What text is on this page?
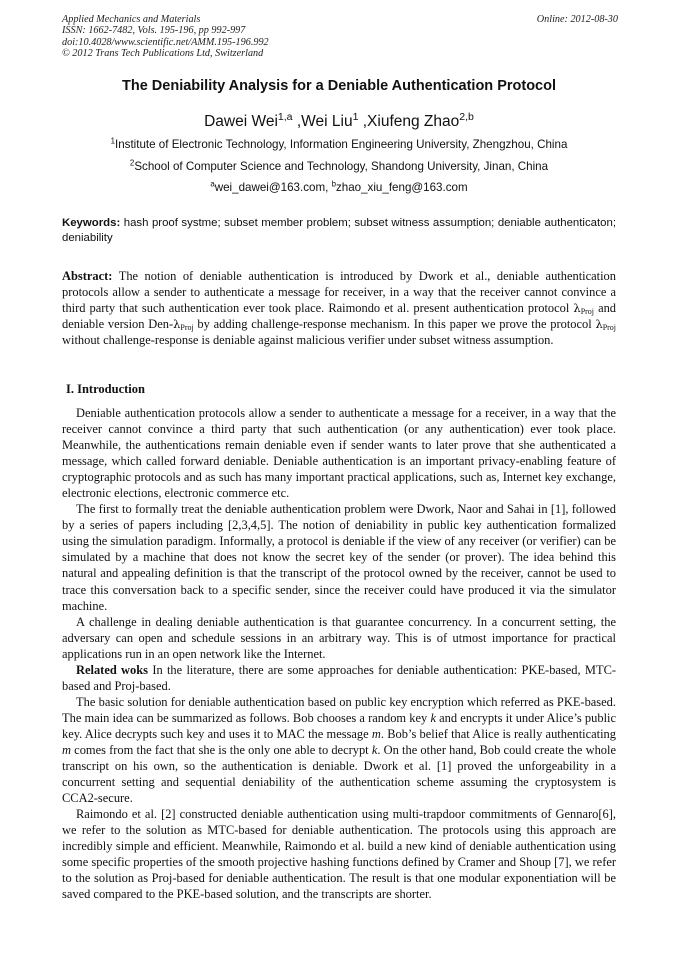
Applied Mechanics and Materials
ISSN: 1662-7482, Vols. 195-196, pp 992-997
doi:10.4028/www.scientific.net/AMM.195-196.992
© 2012 Trans Tech Publications Ltd, Switzerland
Online: 2012-08-30
The Deniability Analysis for a Deniable Authentication Protocol
Dawei Wei$^{1,a}$ ,Wei Liu$^1$ ,Xiufeng Zhao$^{2,b}$
$^1$Institute of Electronic Technology, Information Engineering University, Zhengzhou, China
$^2$School of Computer Science and Technology, Shandong University, Jinan, China
$^a$wei_dawei@163.com, $^b$zhao_xiu_feng@163.com
Keywords: hash proof systme; subset member problem; subset witness assumption; deniable authenticaton; deniability
Abstract: The notion of deniable authentication is introduced by Dwork et al., deniable authentication protocols allow a sender to authenticate a message for receiver, in a way that the receiver cannot convince a third party that such authentication ever took place. Raimondo et al. present authentication protocol $\lambda_{Proj}$ and deniable version Den-$\lambda_{Proj}$ by adding challenge-response mechanism. In this paper we prove the protocol $\lambda_{Proj}$ without challenge-response is deniable against malicious verifier under subset witness assumption.
I. Introduction

Deniable authentication protocols allow a sender to authenticate a message for a receiver, in a way that the receiver cannot convince a third party that such authentication (or any authentication) ever took place. Meanwhile, the authentications remain deniable even if sender wants to later prove that she authenticated a message, which called forward deniable. Deniable authentication is an important privacy-enabling feature of cryptographic protocols and as such has many important practical applications, such as, Internet key exchange, electronic elections, electronic commerce etc.

The first to formally treat the deniable authentication problem were Dwork, Naor and Sahai in [1], followed by a series of papers including [2,3,4,5]. The notion of deniability in public key authentication formalized using the simulation paradigm. Informally, a protocol is deniable if the view of any receiver (or verifier) can be simulated by a machine that does not know the secret key of the sender (or prover). The idea behind this natural and appealing definition is that the transcript of the protocol owned by the receiver, cannot be used to trace this conversation back to a specific sender, since the receiver could have produced it via the simulator machine.

A challenge in dealing deniable authentication is that guarantee concurrency. In a concurrent setting, the adversary can open and schedule sessions in an arbitrary way. This is of utmost importance for practical applications run in an open network like the Internet.

Related woks In the literature, there are some approaches for deniable authentication: PKE-based, MTC-based and Proj-based.

The basic solution for deniable authentication based on public key encryption which referred as PKE-based. The main idea can be summarized as follows. Bob chooses a random key k and encrypts it under Alice’s public key. Alice decrypts such key and uses it to MAC the message m. Bob’s belief that Alice is really authenticating m comes from the fact that she is the only one able to decrypt k. On the other hand, Bob could create the whole transcript on his own, so the authentication is deniable. Dwork et al. [1] proved the unforgeability in a concurrent setting and sequential deniability of the authentication scheme assuming the cryptosystem is CCA2-secure.

Raimondo et al. [2] constructed deniable authentication using multi-trapdoor commitments of Gennaro[6], we refer to the solution as MTC-based for deniable authentication. The protocols using this approach are incredibly simple and efficient. Meanwhile, Raimondo et al. build a new kind of deniable authentication using some specific properties of the smooth projective hashing functions defined by Cramer and Shoup [7], we refer to the solution as Proj-based for deniable authentication. The result is that one modular exponentiation will be saved compared to the PKE-based solution, and the transcripts are shorter.
